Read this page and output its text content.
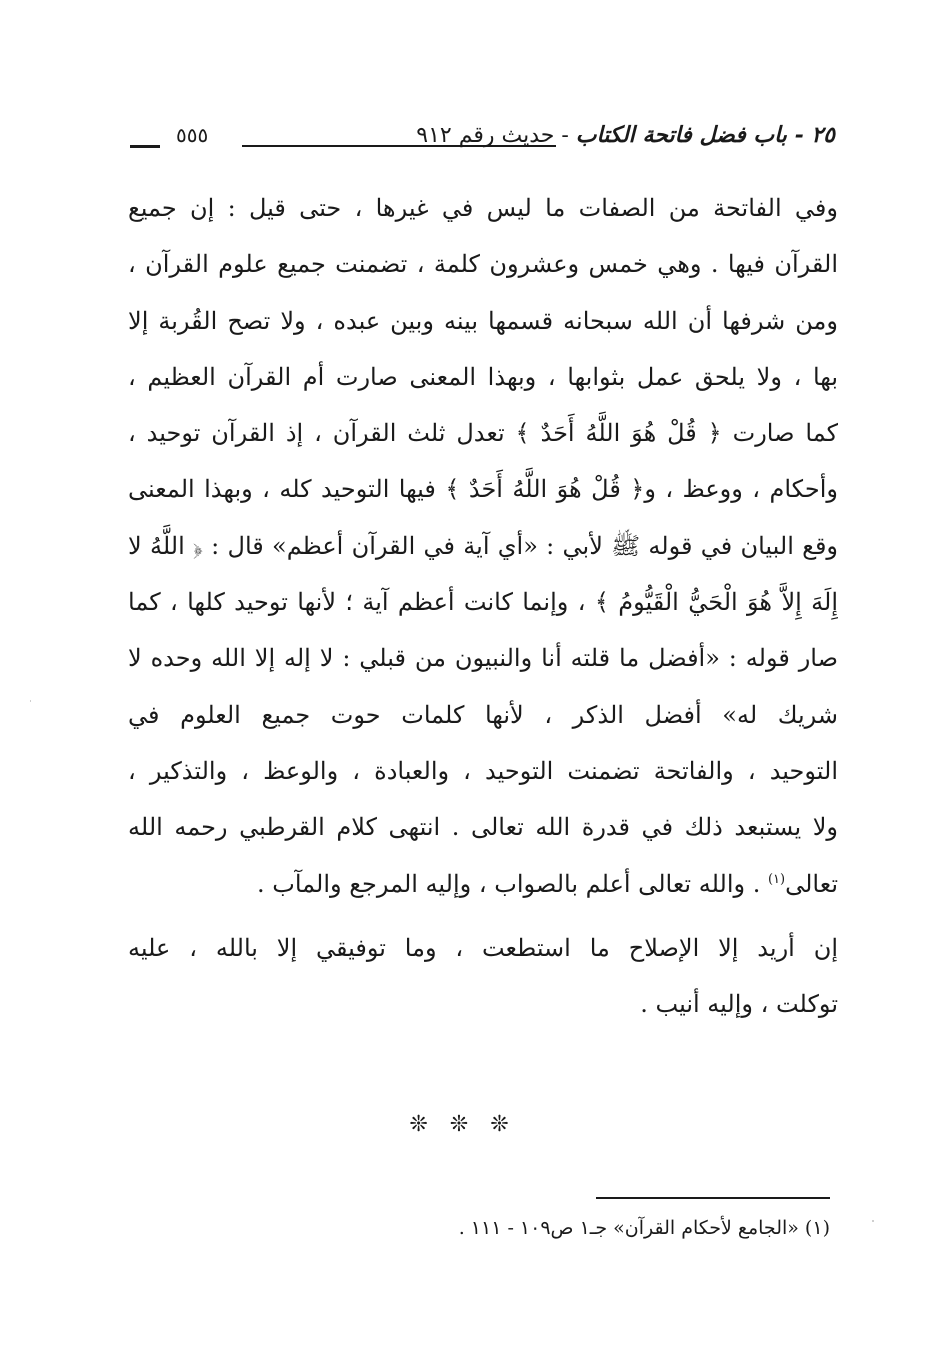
٢٥ - باب فضل فاتحة الكتاب - حديث رقم ٩١٢
٥٥٥
وفي الفاتحة من الصفات ما ليس في غيرها ، حتى قيل : إن جميع
القرآن فيها . وهي خمس وعشرون كلمة ، تضمنت جميع علوم القرآن ،
ومن شرفها أن الله سبحانه قسمها بينه وبين عبده ، ولا تصح القُربة إلا
بها ، ولا يلحق عمل بثوابها ، وبهذا المعنى صارت أم القرآن العظيم ،
كما صارت ﴿ قُلْ هُوَ اللَّهُ أَحَدٌ ﴾ تعدل ثلث القرآن ، إذ القرآن توحيد ،
وأحكام ، ووعظ ، و﴿ قُلْ هُوَ اللَّهُ أَحَدٌ ﴾ فيها التوحيد كله ، وبهذا المعنى
وقع البيان في قوله ﷺ لأبي : «أي آية في القرآن أعظم» قال : ﴿ اللَّهُ لا
إِلَهَ إِلاَّ هُوَ الْحَيُّ الْقَيُّومُ ﴾ ، وإنما كانت أعظم آية ؛ لأنها توحيد كلها ، كما
صار قوله : «أفضل ما قلته أنا والنبيون من قبلي : لا إله إلا الله وحده لا
شريك له» أفضل الذكر ، لأنها كلمات حوت جميع العلوم في
التوحيد ، والفاتحة تضمنت التوحيد ، والعبادة ، والوعظ ، والتذكير ،
ولا يستبعد ذلك في قدرة الله تعالى . انتهى كلام القرطبي رحمه الله
تعالى$^{(١)}$ . والله تعالى أعلم بالصواب ، وإليه المرجع والمآب .
إن أريد إلا الإصلاح ما استطعت ، وما توفيقي إلا بالله ، عليه
توكلت ، وإليه أنيب .
❊❊❊
(١) «الجامع لأحكام القرآن» جـ١ ص١٠٩ - ١١١ .
